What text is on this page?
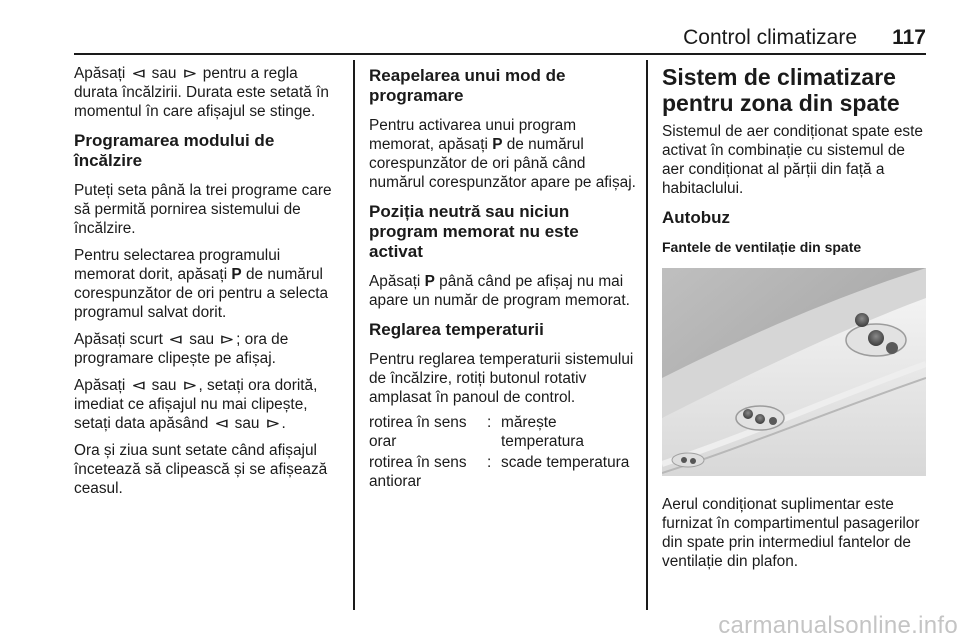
Control climatizare 117

Apăsați ⊲ sau ⊳ pentru a regla durata încălzirii. Durata este setată în momentul în care afișajul se stinge.

Programarea modului de încălzire

Puteți seta până la trei programe care să permită pornirea sistemului de încălzire.

Pentru selectarea programului memorat dorit, apăsați P de numărul corespunzător de ori pentru a selecta programul salvat dorit.

Apăsați scurt ⊲ sau ⊳; ora de programare clipește pe afișaj.

Apăsați ⊲ sau ⊳, setați ora dorită, imediat ce afișajul nu mai clipește, setați data apăsând ⊲ sau ⊳.

Ora și ziua sunt setate când afișajul încetează să clipească și se afișează ceasul.

Reapelarea unui mod de programare

Pentru activarea unui program memorat, apăsați P de numărul corespunzător de ori până când numărul corespunzător apare pe afișaj.

Poziția neutră sau niciun program memorat nu este activat

Apăsați P până când pe afișaj nu mai apare un număr de program memorat.

Reglarea temperaturii

Pentru reglarea temperaturii sistemului de încălzire, rotiți butonul rotativ amplasat în panoul de control.

rotirea în sens orar
: mărește temperatura
rotirea în sens antiorar
: scade temperatura
Sistem de climatizare pentru zona din spate

Sistemul de aer condiționat spate este activat în combinație cu sistemul de aer condiționat al părții din față a habitaclului.

Autobuz
Fantele de ventilație din spate

Aerul condiționat suplimentar este furnizat în compartimentul pasagerilor din spate prin intermediul fantelor de ventilație din plafon.

carmanualsonline.info
